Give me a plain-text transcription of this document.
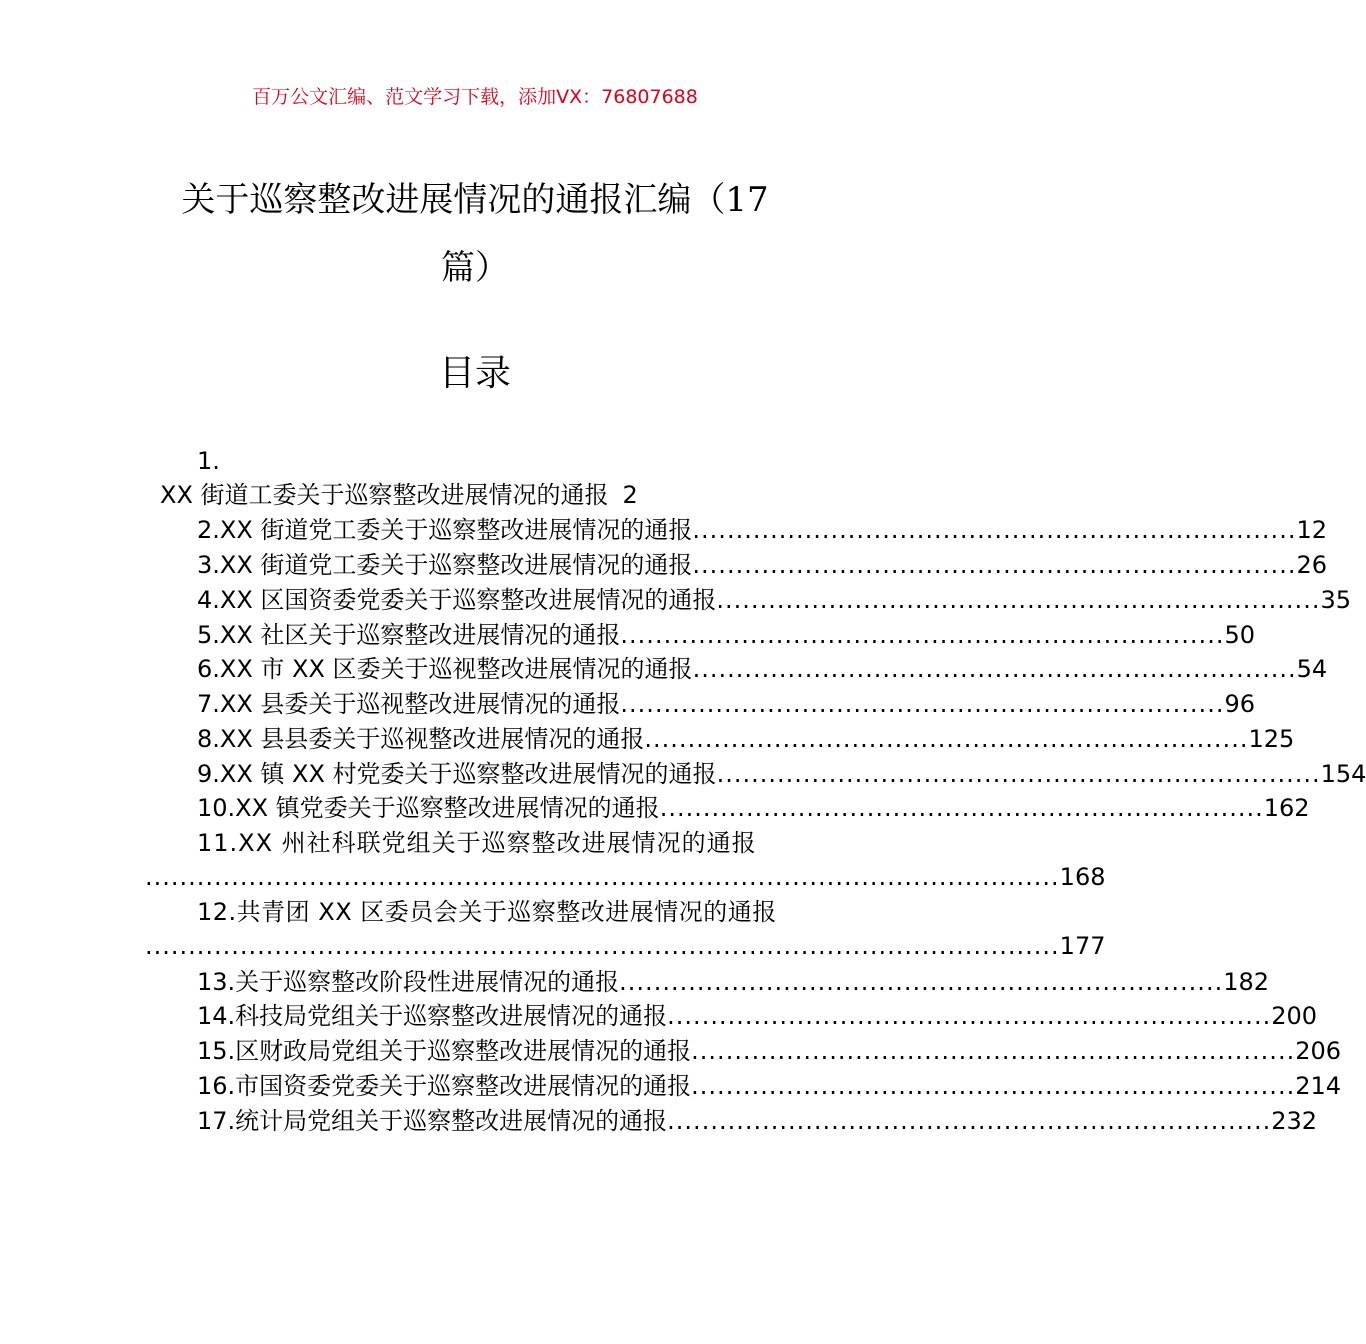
百万公文汇编、范文学习下载，添加VX：76807688
关于巡察整改进展情况的通报汇编（17
篇）
目录
1.
XX 街道工委关于巡察整改进展情况的通报 2
2.XX 街道党工委关于巡察整改进展情况的通报 ...................................................................... 12
3.XX 街道党工委关于巡察整改进展情况的通报 ...................................................................... 26
4.XX 区国资委党委关于巡察整改进展情况的通报 ...................................................................... 35
5.XX 社区关于巡察整改进展情况的通报 ...................................................................... 50
6.XX 市 XX 区委关于巡视整改进展情况的通报 ...................................................................... 54
7.XX 县委关于巡视整改进展情况的通报 ...................................................................... 96
8.XX 县县委关于巡视整改进展情况的通报 ...................................................................... 125
9.XX 镇 XX 村党委关于巡察整改进展情况的通报 ...................................................................... 154
10.XX 镇党委关于巡察整改进展情况的通报 ...................................................................... 162
11.XX 州社科联党组关于巡察整改进展情况的通报
.......................................................................................................... 168
12.共青团 XX 区委员会关于巡察整改进展情况的通报
.......................................................................................................... 177
13.关于巡察整改阶段性进展情况的通报 ...................................................................... 182
14.科技局党组关于巡察整改进展情况的通报 ...................................................................... 200
15.区财政局党组关于巡察整改进展情况的通报 ...................................................................... 206
16.市国资委党委关于巡察整改进展情况的通报 ...................................................................... 214
17.统计局党组关于巡察整改进展情况的通报 ...................................................................... 232
